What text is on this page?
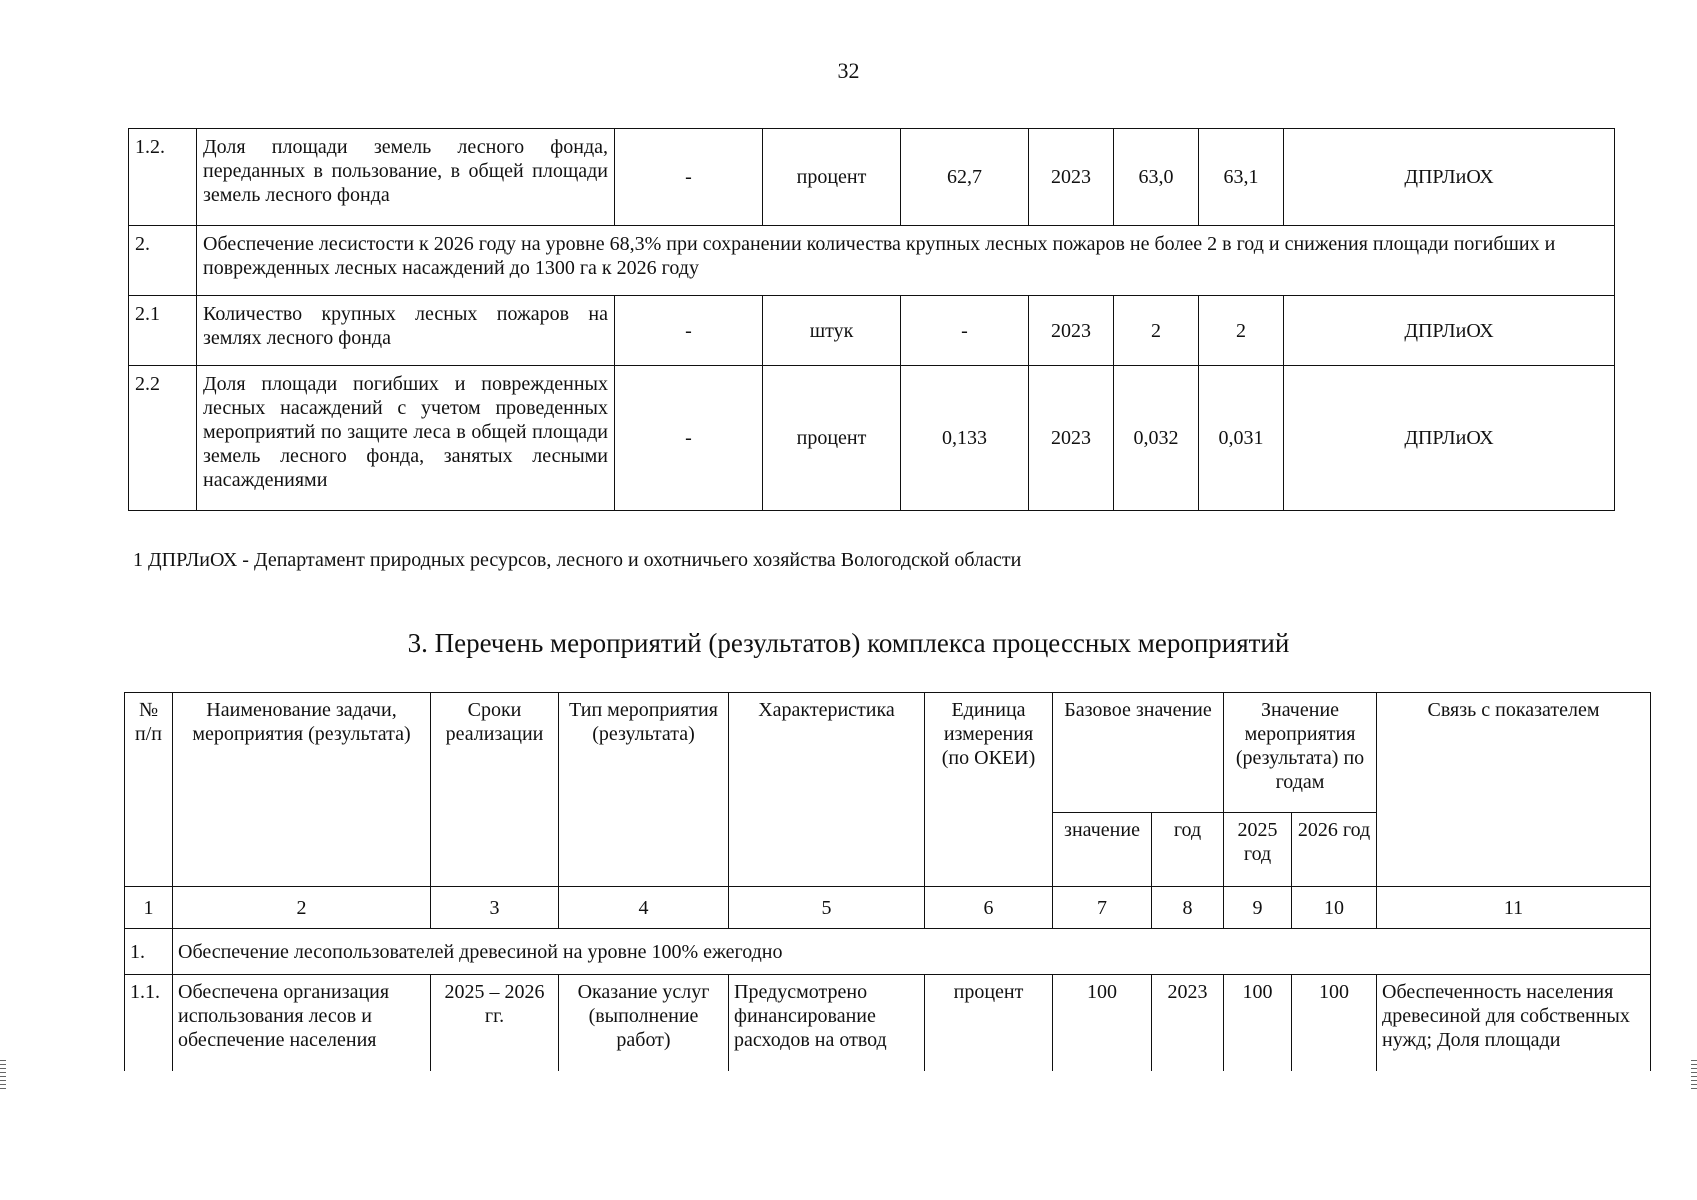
32
1.2.	Доля площади земель лесного фонда, переданных в пользование, в общей площади земель лесного фонда	-	процент	62,7	2023	63,0	63,1	ДПРЛиОХ
2.	Обеспечение лесистости к 2026 году на уровне 68,3% при сохранении количества крупных лесных пожаров не более 2 в год и снижения площади погибших и поврежденных лесных насаждений до 1300 га к 2026 году							
2.1	Количество крупных лесных пожаров на землях лесного фонда	-	штук	-	2023	2	2	ДПРЛиОХ
2.2	Доля площади погибших и поврежденных лесных насаждений с учетом проведенных мероприятий по защите леса в общей площади земель лесного фонда, занятых лесными насаждениями	-	процент	0,133	2023	0,032	0,031	ДПРЛиОХ
1 ДПРЛиОХ - Департамент природных ресурсов, лесного и охотничьего хозяйства Вологодской области
3. Перечень мероприятий (результатов) комплекса процессных мероприятий
№ п/п	Наименование задачи, мероприятия (результата)	Сроки реализации	Тип мероприятия (результата)	Характеристика	Единица измерения (по ОКЕИ)	Базовое значение		Значение мероприятия (результата) по годам		Связь с показателем
						значение	год	2025 год	2026 год	
1	2	3	4	5	6	7	8	9	10	11
1.	Обеспечение лесопользователей древесиной на уровне 100% ежегодно									
1.1.	Обеспечена организация использования лесов и обеспечение населения	2025 – 2026 гг.	Оказание услуг (выполнение работ)	Предусмотрено финансирование расходов на отвод	процент	100	2023	100	100	Обеспеченность населения древесиной для собственных нужд; Доля площади
